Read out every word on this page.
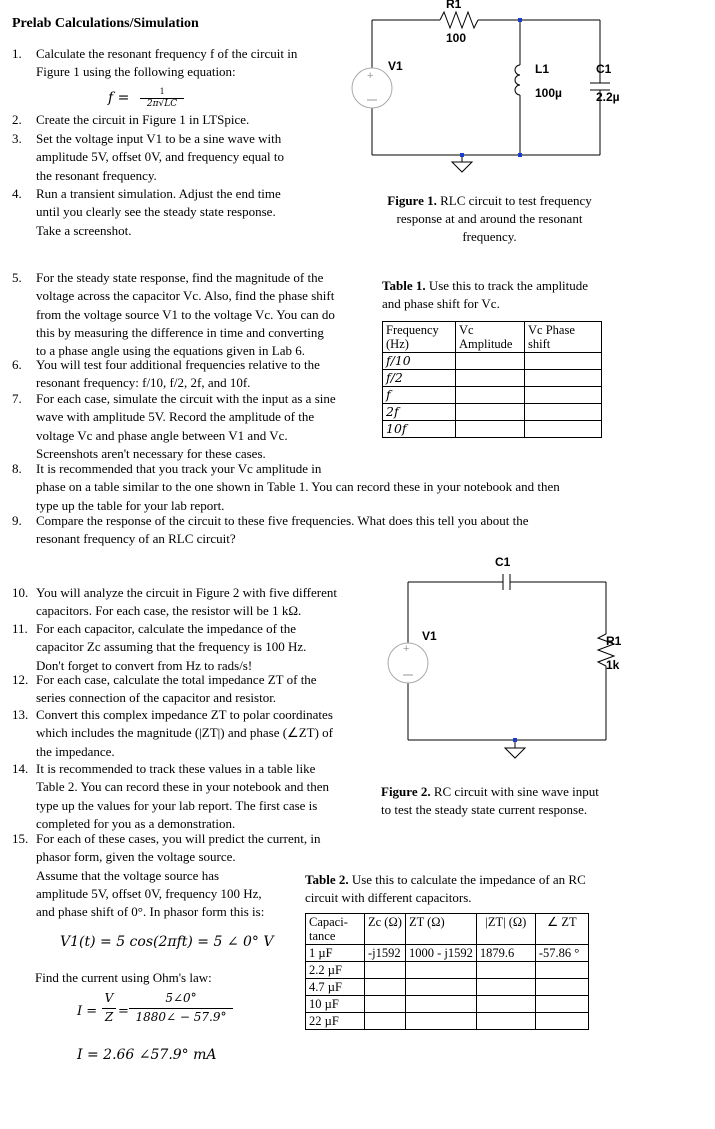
Prelab Calculations/Simulation
1. Calculate the resonant frequency f of the circuit in
Figure 1 using the following equation:
f =	1
2π√LC
2. Create the circuit in Figure 1 in LTSpice.
3. Set the voltage input V1 to be a sine wave with
amplitude 5V, offset 0V, and frequency equal to
the resonant frequency.
4. Run a transient simulation. Adjust the end time
until you clearly see the steady state response.
Take a screenshot.
+
R1
100
V1	L1
100µ
C1
2.2µ
Figure 1. RLC circuit to test frequency
response at and around the resonant
frequency.
5. For the steady state response, find the magnitude of the
voltage across the capacitor Vc. Also, find the phase shift
from the voltage source V1 to the voltage Vc. You can do
this by measuring the difference in time and converting
to a phase angle using the equations given in Lab 6.
6. You will test four additional frequencies relative to the
resonant frequency: f/10, f/2, 2f, and 10f.
7. For each case, simulate the circuit with the input as a sine
wave with amplitude 5V. Record the amplitude of the
voltage Vc and phase angle between V1 and Vc.
Screenshots aren't necessary for these cases.
8. It is recommended that you track your Vc amplitude in
phase on a table similar to the one shown in Table 1. You can record these in your notebook and then
type up the table for your lab report.
9. Compare the response of the circuit to these five frequencies. What does this tell you about the
resonant frequency of an RLC circuit?
Table 1. Use this to track the amplitude
and phase shift for Vc.
Frequency (Hz)	Vc Amplitude	Vc Phase shift
f/10		
f/2		
f		
2f		
10f		
10. You will analyze the circuit in Figure 2 with five different
capacitors. For each case, the resistor will be 1 kΩ.
11. For each capacitor, calculate the impedance of the
capacitor Zc assuming that the frequency is 100 Hz.
Don't forget to convert from Hz to rads/s!
12. For each case, calculate the total impedance ZT of the
series connection of the capacitor and resistor.
13. Convert this complex impedance ZT to polar coordinates
which includes the magnitude (|ZT|) and phase (∠ZT) of
the impedance.
14. It is recommended to track these values in a table like
Table 2. You can record these in your notebook and then
type up the values for your lab report. The first case is
completed for you as a demonstration.
15. For each of these cases, you will predict the current, in
phasor form, given the voltage source.
Assume that the voltage source has
amplitude 5V, offset 0V, frequency 100 Hz,
and phase shift of 0°. In phasor form this is:
V1(t) = 5 cos(2πft) = 5 ∠ 0° V
Find the current using Ohm's law:
I =
V
Z =
5∠0°
1880∠ − 57.9°
I = 2.66 ∠57.9° mA
+
C1
V1	R1
1k
Figure 2. RC circuit with sine wave input
to test the steady state current response.
Table 2. Use this to calculate the impedance of an RC
circuit with different capacitors.
Capaci-tance	Zc (Ω)	ZT (Ω)	|ZT| (Ω)	∠ ZT
1 µF	-j1592	1000 - j1592	1879.6	-57.86 °
2.2 µF				
4.7 µF				
10 µF				
22 µF				
